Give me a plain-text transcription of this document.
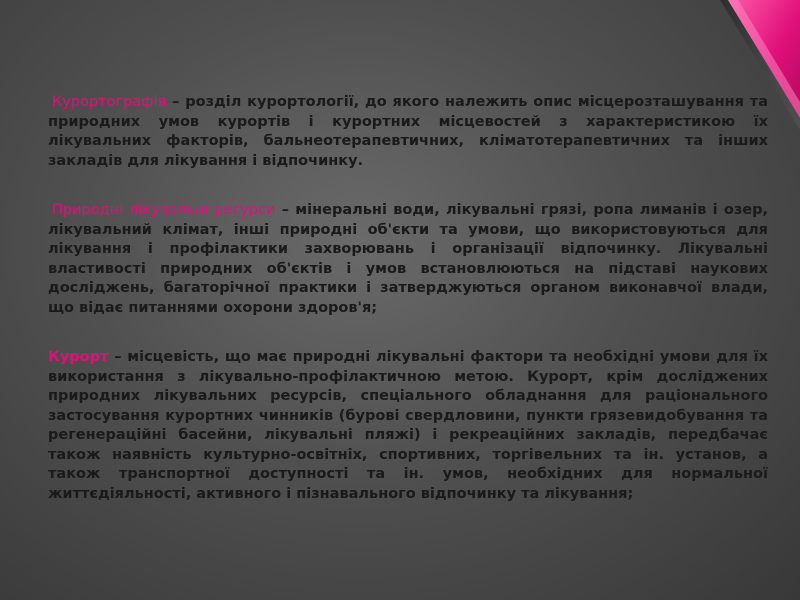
Курортографія – розділ курортології, до якого належить опис місцерозташування та природних умов курортів і курортних місцевостей з характеристикою їх лікувальних факторів, бальнеотерапевтичних, кліматотерапевтичних та інших закладів для лікування і відпочинку.

Природні лікувальні ресурси – мінеральні води, лікувальні грязі, ропа лиманів і озер, лікувальний клімат, інші природні об'єкти та умови, що використовуються для лікування і профілактики захворювань і організації відпочинку. Лікувальні властивості природних об'єктів і умов встановлюються на підставі наукових досліджень, багаторічної практики і затверджуються органом виконавчої влади, що відає питаннями охорони здоров'я;

Курорт – місцевість, що має природні лікувальні фактори та необхідні умови для їх використання з лікувально-профілактичною метою. Курорт, крім досліджених природних лікувальних ресурсів, спеціального обладнання для раціонального застосування курортних чинників (бурові свердловини, пункти грязевидобування та регенераційні басейни, лікувальні пляжі) і рекреаційних закладів, передбачає також наявність культурно-освітніх, спортивних, торгівельних та ін. установ, а також транспортної доступності та ін. умов, необхідних для нормальної життєдіяльності, активного і пізнавального відпочинку та лікування;
